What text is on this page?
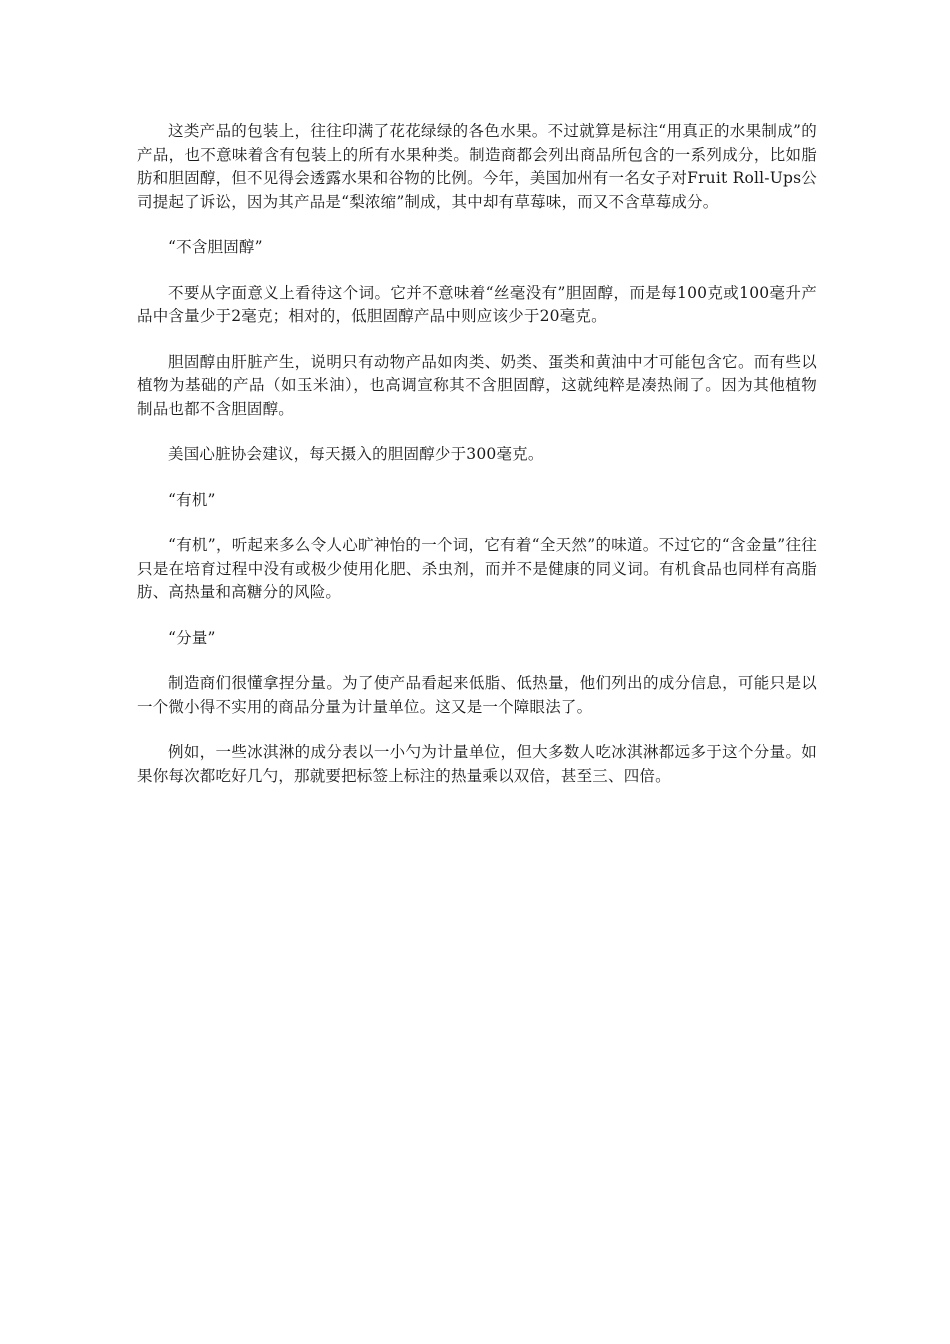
这类产品的包装上，往往印满了花花绿绿的各色水果。不过就算是标注“用真正的水果制成”的产品，也不意味着含有包装上的所有水果种类。制造商都会列出商品所包含的一系列成分，比如脂肪和胆固醇，但不见得会透露水果和谷物的比例。今年，美国加州有一名女子对Fruit Roll-Ups公司提起了诉讼，因为其产品是“梨浓缩”制成，其中却有草莓味，而又不含草莓成分。

“不含胆固醇”

不要从字面意义上看待这个词。它并不意味着“丝毫没有”胆固醇，而是每100克或100毫升产品中含量少于2毫克；相对的，低胆固醇产品中则应该少于20毫克。

胆固醇由肝脏产生，说明只有动物产品如肉类、奶类、蛋类和黄油中才可能包含它。而有些以植物为基础的产品（如玉米油），也高调宣称其不含胆固醇，这就纯粹是凑热闹了。因为其他植物制品也都不含胆固醇。

美国心脏协会建议，每天摄入的胆固醇少于300毫克。

“有机”

“有机”，听起来多么令人心旷神怡的一个词，它有着“全天然”的味道。不过它的“含金量”往往只是在培育过程中没有或极少使用化肥、杀虫剂，而并不是健康的同义词。有机食品也同样有高脂肪、高热量和高糖分的风险。

“分量”

制造商们很懂拿捏分量。为了使产品看起来低脂、低热量，他们列出的成分信息，可能只是以一个微小得不实用的商品分量为计量单位。这又是一个障眼法了。

例如，一些冰淇淋的成分表以一小勺为计量单位，但大多数人吃冰淇淋都远多于这个分量。如果你每次都吃好几勺，那就要把标签上标注的热量乘以双倍，甚至三、四倍。
